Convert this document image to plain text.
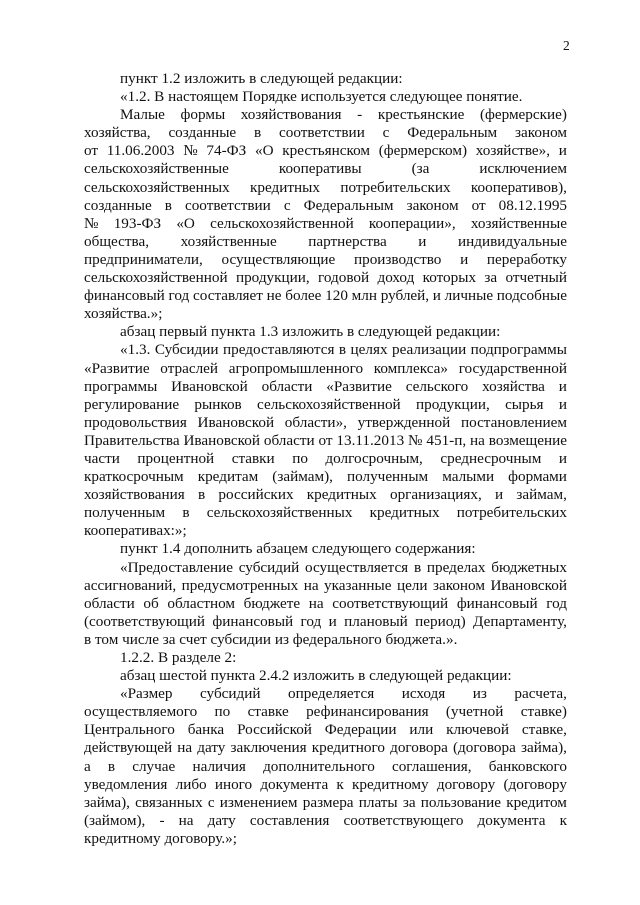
2
пункт 1.2 изложить в следующей редакции:
«1.2. В настоящем Порядке используется следующее понятие.
Малые формы хозяйствования - крестьянские (фермерские)
хозяйства, созданные в соответствии с Федеральным законом
от 11.06.2003 № 74-ФЗ «О крестьянском (фермерском) хозяйстве», и
сельскохозяйственные	кооперативы	(за	исключением
сельскохозяйственных кредитных потребительских кооперативов),
созданные в соответствии с Федеральным законом от 08.12.1995
№ 193-ФЗ «О сельскохозяйственной кооперации», хозяйственные
общества, хозяйственные партнерства и индивидуальные
предприниматели, осуществляющие производство и переработку
сельскохозяйственной продукции, годовой доход которых за отчетный
финансовый год составляет не более 120 млн рублей, и личные подсобные
хозяйства.»;
абзац первый пункта 1.3 изложить в следующей редакции:
«1.3. Субсидии предоставляются в целях реализации подпрограммы
«Развитие отраслей агропромышленного комплекса» государственной
программы Ивановской области «Развитие сельского хозяйства и
регулирование рынков сельскохозяйственной продукции, сырья и
продовольствия Ивановской области», утвержденной постановлением
Правительства Ивановской области от 13.11.2013 № 451-п, на возмещение
части процентной ставки по долгосрочным, среднесрочным и
краткосрочным кредитам (займам), полученным малыми формами
хозяйствования в российских кредитных организациях, и займам,
полученным в сельскохозяйственных кредитных потребительских
кооперативах:»;
пункт 1.4 дополнить абзацем следующего содержания:
«Предоставление субсидий осуществляется в пределах бюджетных
ассигнований, предусмотренных на указанные цели законом Ивановской
области об областном бюджете на соответствующий финансовый год
(соответствующий финансовый год и плановый период) Департаменту,
в том числе за счет субсидии из федерального бюджета.».
1.2.2. В разделе 2:
абзац шестой пункта 2.4.2 изложить в следующей редакции:
«Размер субсидий определяется исходя из расчета,
осуществляемого по ставке рефинансирования (учетной ставке)
Центрального банка Российской Федерации или ключевой ставке,
действующей на дату заключения кредитного договора (договора займа),
а в случае наличия дополнительного соглашения, банковского
уведомления либо иного документа к кредитному договору (договору
займа), связанных с изменением размера платы за пользование кредитом
(займом), - на дату составления соответствующего документа к
кредитному договору.»;
